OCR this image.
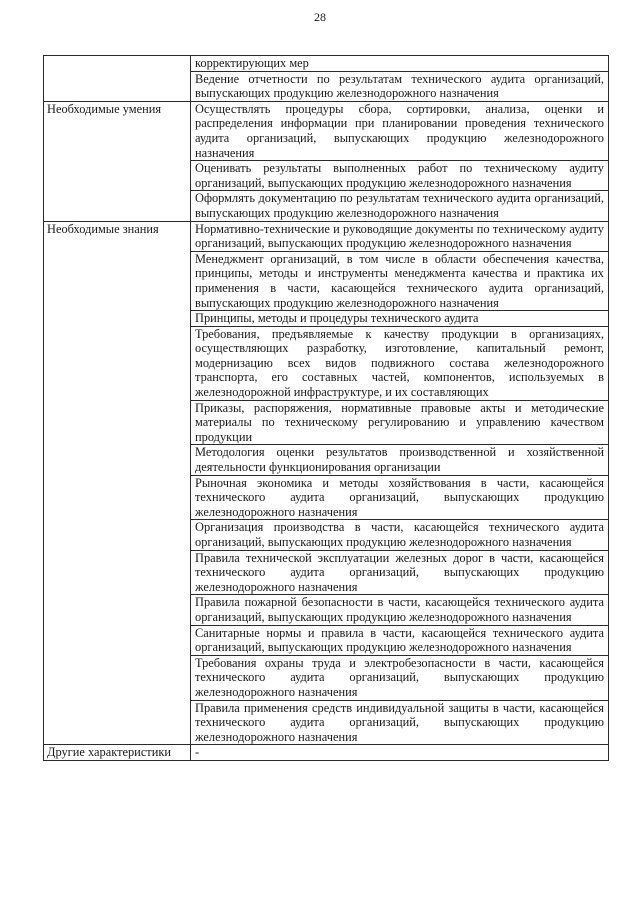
28
	корректирующих мер
	Ведение отчетности по результатам технического аудита организаций, выпускающих продукцию железнодорожного назначения
Необходимые умения	Осуществлять процедуры сбора, сортировки, анализа, оценки и распределения информации при планировании проведения технического аудита организаций, выпускающих продукцию железнодорожного назначения
	Оценивать результаты выполненных работ по техническому аудиту организаций, выпускающих продукцию железнодорожного назначения
	Оформлять документацию по результатам технического аудита организаций, выпускающих продукцию железнодорожного назначения
Необходимые знания	Нормативно-технические и руководящие документы по техническому аудиту организаций, выпускающих продукцию железнодорожного назначения
	Менеджмент организаций, в том числе в области обеспечения качества, принципы, методы и инструменты менеджмента качества и практика их применения в части, касающейся технического аудита организаций, выпускающих продукцию железнодорожного назначения
	Принципы, методы и процедуры технического аудита
	Требования, предъявляемые к качеству продукции в организациях, осуществляющих разработку, изготовление, капитальный ремонт, модернизацию всех видов подвижного состава железнодорожного транспорта, его составных частей, компонентов, используемых в железнодорожной инфраструктуре, и их составляющих
	Приказы, распоряжения, нормативные правовые акты и методические материалы по техническому регулированию и управлению качеством продукции
	Методология оценки результатов производственной и хозяйственной деятельности функционирования организации
	Рыночная экономика и методы хозяйствования в части, касающейся технического аудита организаций, выпускающих продукцию железнодорожного назначения
	Организация производства в части, касающейся технического аудита организаций, выпускающих продукцию железнодорожного назначения
	Правила технической эксплуатации железных дорог в части, касающейся технического аудита организаций, выпускающих продукцию железнодорожного назначения
	Правила пожарной безопасности в части, касающейся технического аудита организаций, выпускающих продукцию железнодорожного назначения
	Санитарные нормы и правила в части, касающейся технического аудита организаций, выпускающих продукцию железнодорожного назначения
	Требования охраны труда и электробезопасности в части, касающейся технического аудита организаций, выпускающих продукцию железнодорожного назначения
	Правила применения средств индивидуальной защиты в части, касающейся технического аудита организаций, выпускающих продукцию железнодорожного назначения
Другие характеристики	-
